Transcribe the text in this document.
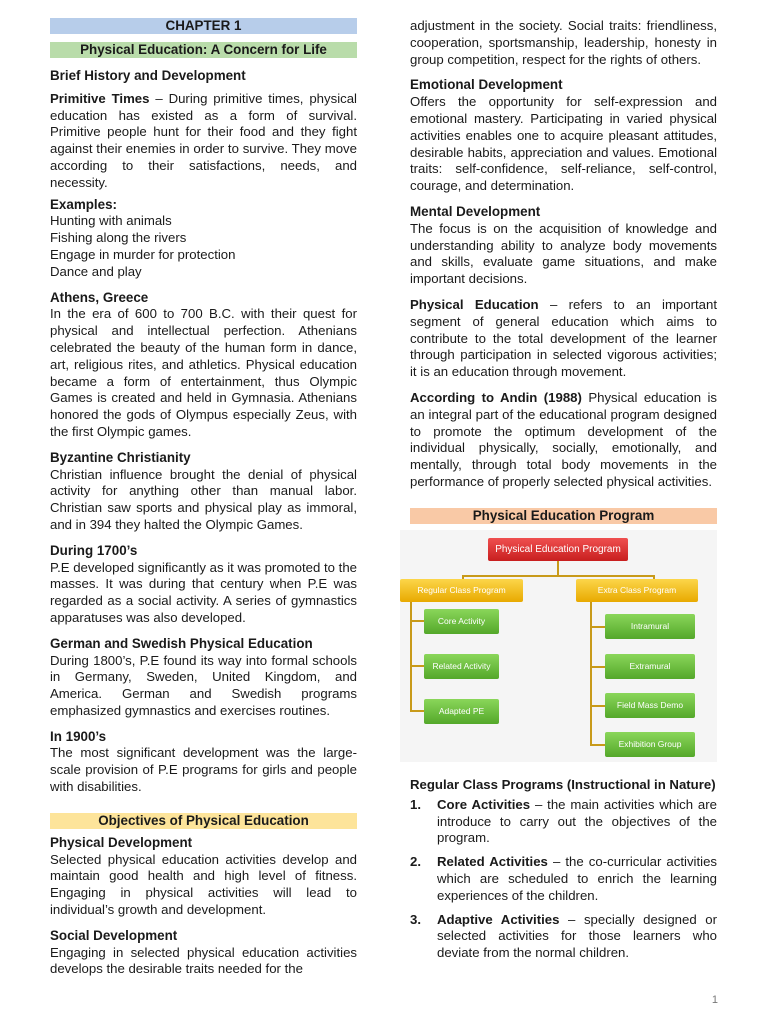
CHAPTER 1
Physical Education: A Concern for Life
Brief History and Development

Primitive Times – During primitive times, physical education has existed as a form of survival. Primitive people hunt for their food and they fight against their enemies in order to survive. They move according to their satisfactions, needs, and necessity.

Examples:
Hunting with animals
Fishing along the rivers
Engage in murder for protection
Dance and play
Athens, Greece

In the era of 600 to 700 B.C. with their quest for physical and intellectual perfection. Athenians celebrated the beauty of the human form in dance, art, religious rites, and athletics. Physical education became a form of entertainment, thus Olympic Games is created and held in Gymnasia. Athenians honored the gods of Olympus especially Zeus, with the first Olympic games.

Byzantine Christianity

Christian influence brought the denial of physical activity for anything other than manual labor. Christian saw sports and physical play as immoral, and in 394 they halted the Olympic Games.

During 1700’s

P.E developed significantly as it was promoted to the masses. It was during that century when P.E was regarded as a social activity. A series of gymnastics apparatuses was also developed.

German and Swedish Physical Education

During 1800’s, P.E found its way into formal schools in Germany, Sweden, United Kingdom, and America. German and Swedish programs emphasized gymnastics and exercises routines.

In 1900’s

The most significant development was the large-scale provision of P.E programs for girls and people with disabilities.

Objectives of Physical Education
Physical Development

Selected physical education activities develop and maintain good health and high level of fitness. Engaging in physical activities will lead to individual’s growth and development.

Social Development

Engaging in selected physical education activities develops the desirable traits needed for the

adjustment in the society. Social traits: friendliness, cooperation, sportsmanship, leadership, honesty in group competition, respect for the rights of others.

Emotional Development

Offers the opportunity for self-expression and emotional mastery. Participating in varied physical activities enables one to acquire pleasant attitudes, desirable habits, appreciation and values. Emotional traits: self-confidence, self-reliance, self-control, courage, and determination.

Mental Development

The focus is on the acquisition of knowledge and understanding ability to analyze body movements and skills, evaluate game situations, and make important decisions.

Physical Education – refers to an important segment of general education which aims to contribute to the total development of the learner through participation in selected vigorous activities; it is an education through movement.

According to Andin (1988) Physical education is an integral part of the educational program designed to promote the optimum development of the individual physically, socially, emotionally, and mentally, through total body movements in the performance of properly selected physical activities.

Physical Education Program
Physical Education Program
Regular Class Program	Extra Class Program
Core Activity
Related Activity
Adapted PE
Intramural
Extramural
Field Mass Demo
Exhibition Group

Regular Class Programs (Instructional in Nature)

1.	Core Activities – the main activities which are introduce to carry out the objectives of the program.
2.	Related Activities – the co-curricular activities which are scheduled to enrich the learning experiences of the children.
3.	Adaptive Activities – specially designed or selected activities for those learners who deviate from the normal children.
1
